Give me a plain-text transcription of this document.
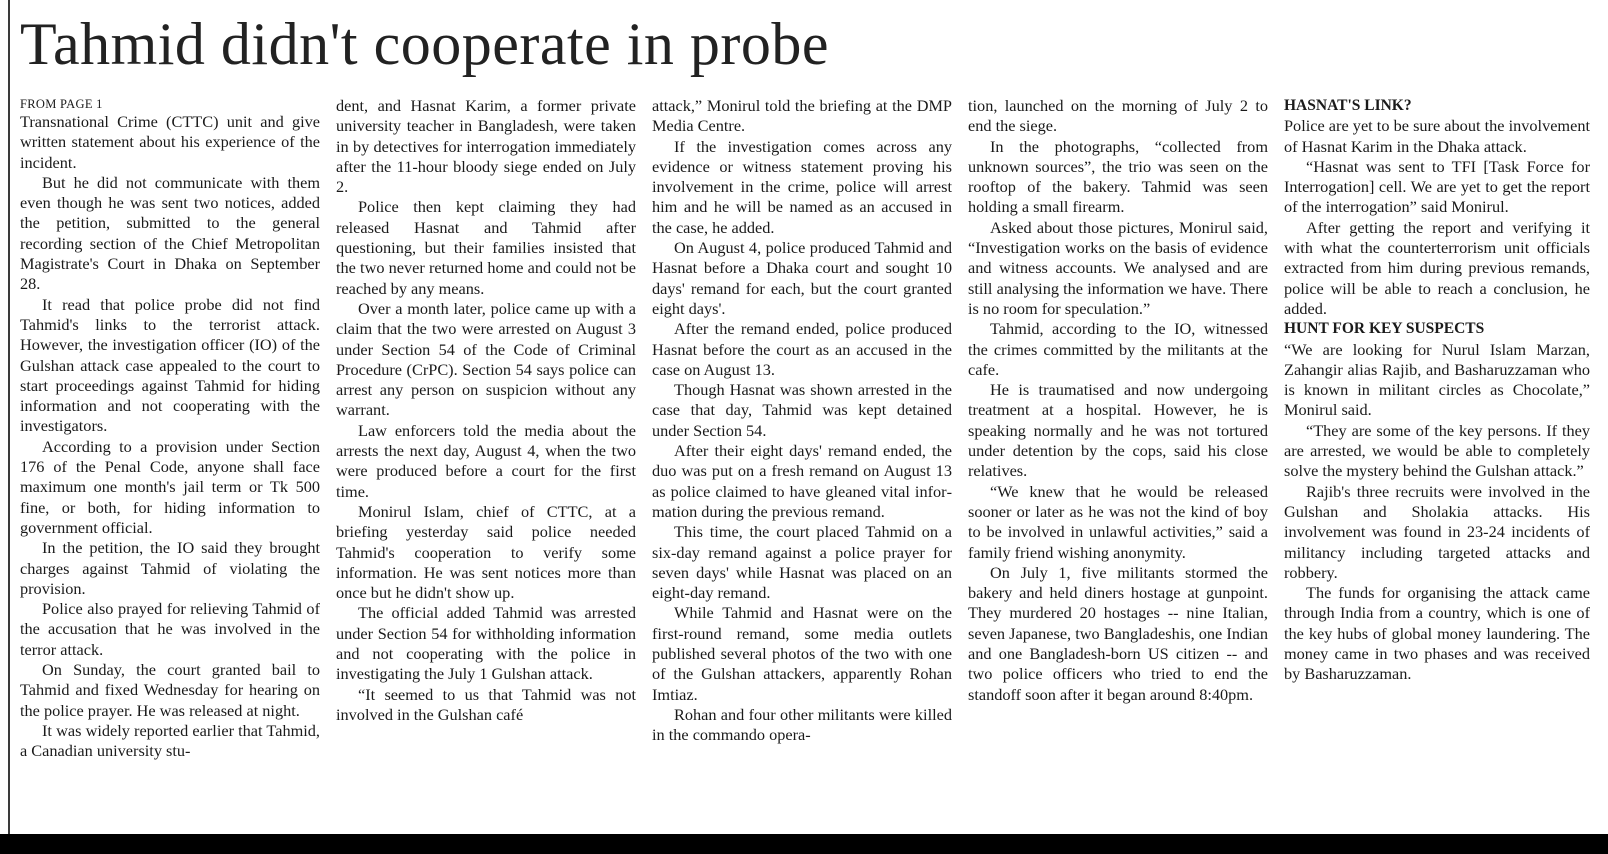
Tahmid didn't cooperate in probe
FROM PAGE 1

Transnational Crime (CTTC) unit and give written statement about his experience of the incident.

But he did not communicate with them even though he was sent two notices, added the petition, submitted to the general recording section of the Chief Metropolitan Magistrate's Court in Dhaka on September 28.

It read that police probe did not find Tahmid's links to the terrorist attack. However, the investigation officer (IO) of the Gulshan attack case appealed to the court to start proceedings against Tahmid for hiding information and not cooperating with the investigators.

According to a provision under Section 176 of the Penal Code, anyone shall face maximum one month's jail term or Tk 500 fine, or both, for hiding information to government official.

In the petition, the IO said they brought charges against Tahmid of violating the provision.

Police also prayed for relieving Tahmid of the accusation that he was involved in the terror attack.

On Sunday, the court granted bail to Tahmid and fixed Wednesday for hearing on the police prayer. He was released at night.

It was widely reported earlier that Tahmid, a Canadian university stu-

dent, and Hasnat Karim, a former private university teacher in Bangladesh, were taken in by detectives for interrogation immediately after the 11-hour bloody siege ended on July 2.

Police then kept claiming they had released Hasnat and Tahmid after questioning, but their families insisted that the two never returned home and could not be reached by any means.

Over a month later, police came up with a claim that the two were arrested on August 3 under Section 54 of the Code of Criminal Procedure (CrPC). Section 54 says police can arrest any person on suspicion without any warrant.

Law enforcers told the media about the arrests the next day, August 4, when the two were produced before a court for the first time.

Monirul Islam, chief of CTTC, at a briefing yesterday said police needed Tahmid's cooperation to verify some information. He was sent notices more than once but he didn't show up.

The official added Tahmid was arrested under Section 54 for withholding information and not cooperating with the police in investigating the July 1 Gulshan attack.

“It seemed to us that Tahmid was not involved in the Gulshan café

attack,” Monirul told the briefing at the DMP Media Centre.

If the investigation comes across any evidence or witness statement proving his involvement in the crime, police will arrest him and he will be named as an accused in the case, he added.

On August 4, police produced Tahmid and Hasnat before a Dhaka court and sought 10 days' remand for each, but the court granted eight days'.

After the remand ended, police produced Hasnat before the court as an accused in the case on August 13.

Though Hasnat was shown arrested in the case that day, Tahmid was kept detained under Section 54.

After their eight days' remand ended, the duo was put on a fresh remand on August 13 as police claimed to have gleaned vital information during the previous remand.

This time, the court placed Tahmid on a six-day remand against a police prayer for seven days' while Hasnat was placed on an eight-day remand.

While Tahmid and Hasnat were on the first-round remand, some media outlets published several photos of the two with one of the Gulshan attackers, apparently Rohan Imtiaz.

Rohan and four other militants were killed in the commando opera-

tion, launched on the morning of July 2 to end the siege.

In the photographs, “collected from unknown sources”, the trio was seen on the rooftop of the bakery. Tahmid was seen holding a small firearm.

Asked about those pictures, Monirul said, “Investigation works on the basis of evidence and witness accounts. We analysed and are still analysing the information we have. There is no room for speculation.”

Tahmid, according to the IO, witnessed the crimes committed by the militants at the cafe.

He is traumatised and now undergoing treatment at a hospital. However, he is speaking normally and he was not tortured under detention by the cops, said his close relatives.

“We knew that he would be released sooner or later as he was not the kind of boy to be involved in unlawful activities,” said a family friend wishing anonymity.

On July 1, five militants stormed the bakery and held diners hostage at gunpoint. They murdered 20 hostages -- nine Italian, seven Japanese, two Bangladeshis, one Indian and one Bangladesh-born US citizen -- and two police officers who tried to end the standoff soon after it began around 8:40pm.

HASNAT'S LINK?

Police are yet to be sure about the involvement of Hasnat Karim in the Dhaka attack.

“Hasnat was sent to TFI [Task Force for Interrogation] cell. We are yet to get the report of the interrogation” said Monirul.

After getting the report and verifying it with what the counterterrorism unit officials extracted from him during previous remands, police will be able to reach a conclusion, he added.

HUNT FOR KEY SUSPECTS

“We are looking for Nurul Islam Marzan, Zahangir alias Rajib, and Basharuzzaman who is known in militant circles as Chocolate,” Monirul said.

“They are some of the key persons. If they are arrested, we would be able to completely solve the mystery behind the Gulshan attack.”

Rajib's three recruits were involved in the Gulshan and Sholakia attacks. His involvement was found in 23-24 incidents of militancy including targeted attacks and robbery.

The funds for organising the attack came through India from a country, which is one of the key hubs of global money laundering. The money came in two phases and was received by Basharuzzaman.
